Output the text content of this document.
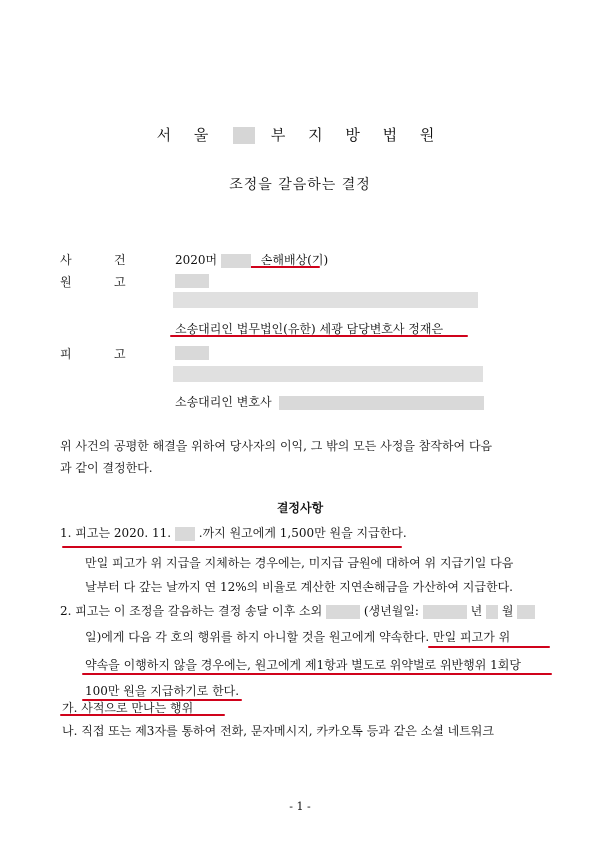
서 울	부 지 방 법 원
조정을 갈음하는 결정
사	건	2020머	손해배상(기)
원	고
소송대리인 법무법인(유한) 세광 담당변호사 정재은
피	고
소송대리인 변호사
위 사건의 공평한 해결을 위하여 당사자의 이익, 그 밖의 모든 사정을 참작하여 다음
과 같이 결정한다.
결정사항
1. 피고는 2020. 11. .까지 원고에게 1,500만 원을 지급한다.
만일 피고가 위 지급을 지체하는 경우에는, 미지급 금원에 대하여 위 지급기일 다음
날부터 다 갚는 날까지 연 12%의 비율로 계산한 지연손해금을 가산하여 지급한다.
2. 피고는 이 조정을 갈음하는 결정 송달 이후 소외	(생년월일:	년 월
일)에게 다음 각 호의 행위를 하지 아니할 것을 원고에게 약속한다. 만일 피고가 위
약속을 이행하지 않을 경우에는, 원고에게 제1항과 별도로 위약벌로 위반행위 1회당
100만 원을 지급하기로 한다.
가. 사적으로 만나는 행위
나. 직접 또는 제3자를 통하여 전화, 문자메시지, 카카오톡 등과 같은 소셜 네트워크
- 1 -
